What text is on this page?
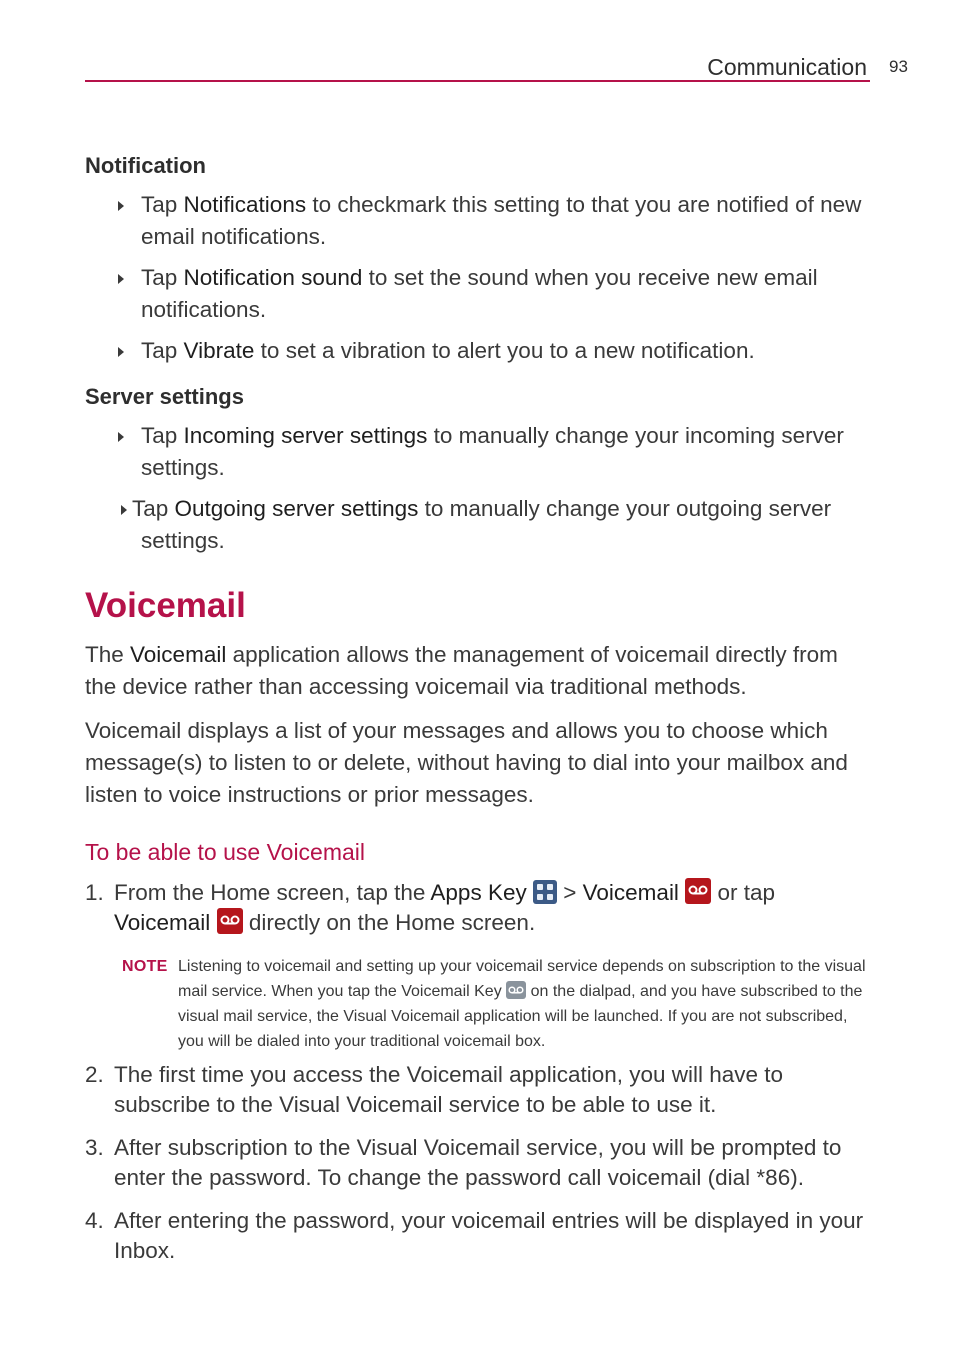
Communication 93
Notification
Tap Notifications to checkmark this setting to that you are notified of new email notifications.
Tap Notification sound to set the sound when you receive new email notifications.
Tap Vibrate to set a vibration to alert you to a new notification.
Server settings
Tap Incoming server settings to manually change your incoming server settings.
Tap Outgoing server settings to manually change your outgoing server settings.
Voicemail
The Voicemail application allows the management of voicemail directly from the device rather than accessing voicemail via traditional methods.
Voicemail displays a list of your messages and allows you to choose which message(s) to listen to or delete, without having to dial into your mailbox and listen to voice instructions or prior messages.
To be able to use Voicemail
1. From the Home screen, tap the Apps Key
> Voicemail
or tap
Voicemail
directly on the Home screen.
NOTE Listening to voicemail and setting up your voicemail service depends on subscription to the visual mail service. When you tap the Voicemail Key
on the dialpad, and you have subscribed to the visual mail service, the Visual Voicemail application will be launched. If you are not subscribed, you will be dialed into your traditional voicemail box.
2. The first time you access the Voicemail application, you will have to subscribe to the Visual Voicemail service to be able to use it.
3. After subscription to the Visual Voicemail service, you will be prompted to enter the password. To change the password call voicemail (dial *86).
4. After entering the password, your voicemail entries will be displayed in your Inbox.
